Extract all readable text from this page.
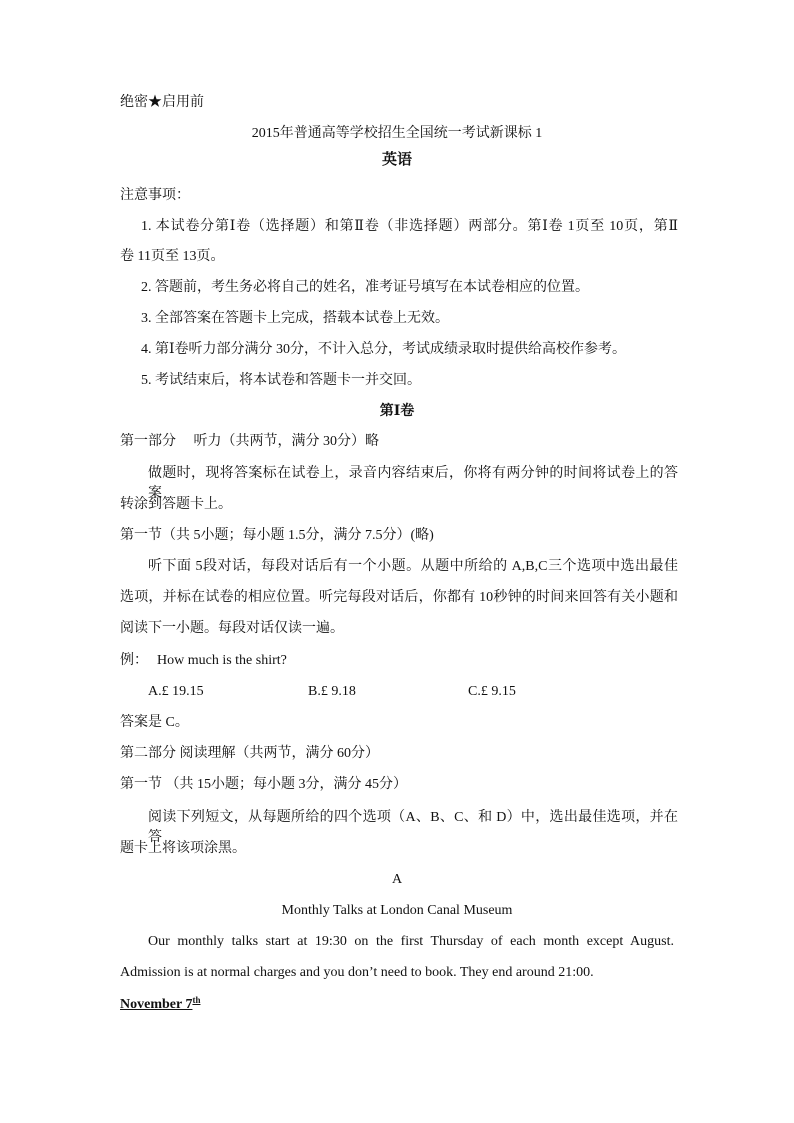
绝密★启用前
2015年普通高等学校招生全国统一考试新课标 1
英语
注意事项：
1. 本试卷分第Ⅰ卷（选择题）和第Ⅱ卷（非选择题）两部分。第Ⅰ卷 1页至 10页，第Ⅱ
卷 11页至 13页。
2. 答题前，考生务必将自己的姓名，准考证号填写在本试卷相应的位置。
3. 全部答案在答题卡上完成，搭载本试卷上无效。
4. 第Ⅰ卷听力部分满分 30分，不计入总分，考试成绩录取时提供给高校作参考。
5. 考试结束后，将本试卷和答题卡一并交回。
第Ⅰ卷
第一部分　 听力（共两节，满分 30分）略
做题时，现将答案标在试卷上，录音内容结束后，你将有两分钟的时间将试卷上的答案
转涂到答题卡上。
第一节（共 5小题；每小题 1.5分，满分 7.5分）(略)
听下面 5段对话，每段对话后有一个小题。从题中所给的 A,B,C三个选项中选出最佳
选项，并标在试卷的相应位置。听完每段对话后，你都有 10秒钟的时间来回答有关小题和
阅读下一小题。每段对话仅读一遍。
例： How much is the shirt?
A.£ 19.15	B.£ 9.18	C.£ 9.15
答案是 C。
第二部分 阅读理解（共两节，满分 60分）
第一节 （共 15小题；每小题 3分，满分 45分）
阅读下列短文，从每题所给的四个选项（A、B、C、和 D）中，选出最佳选项，并在答
题卡上将该项涂黑。
A
Monthly Talks at London Canal Museum
Our monthly talks start at 19:30 on the first Thursday of each month except August.
Admission is at normal charges and you don’t need to book. They end around 21:00.
November 7th
